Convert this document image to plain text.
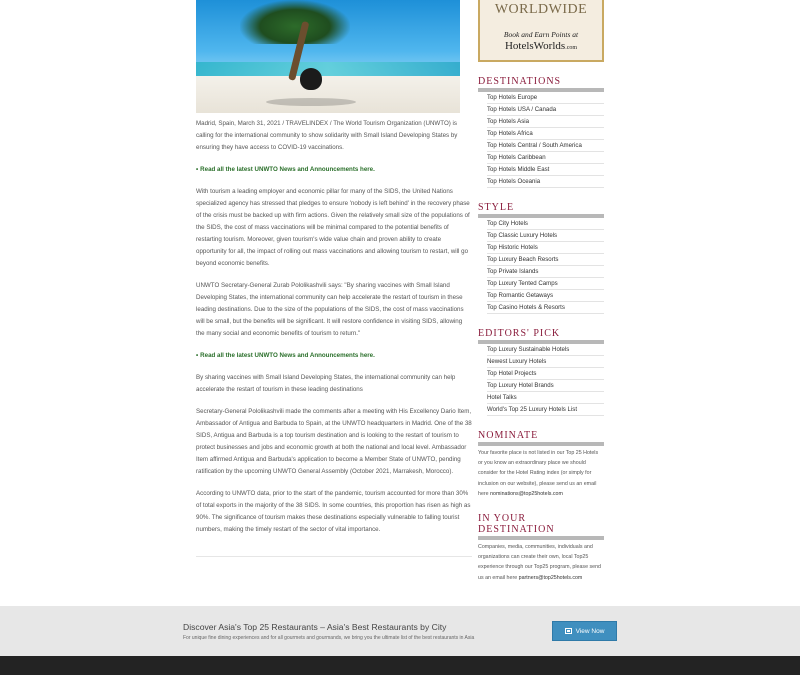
Madrid, Spain, March 31, 2021 / TRAVELINDEX / The World Tourism Organization (UNWTO) is calling for the international community to show solidarity with Small Island Developing States by ensuring they have access to COVID-19 vaccinations.

• Read all the latest UNWTO News and Announcements here.

With tourism a leading employer and economic pillar for many of the SIDS, the United Nations specialized agency has stressed that pledges to ensure 'nobody is left behind' in the recovery phase of the crisis must be backed up with firm actions. Given the relatively small size of the populations of the SIDS, the cost of mass vaccinations will be minimal compared to the potential benefits of restarting tourism. Moreover, given tourism's wide value chain and proven ability to create opportunity for all, the impact of rolling out mass vaccinations and allowing tourism to restart, will go beyond economic benefits.

UNWTO Secretary-General Zurab Pololikashvili says: "By sharing vaccines with Small Island Developing States, the international community can help accelerate the restart of tourism in these leading destinations. Due to the size of the populations of the SIDS, the cost of mass vaccinations will be small, but the benefits will be significant. It will restore confidence in visiting SIDS, allowing the many social and economic benefits of tourism to return."

• Read all the latest UNWTO News and Announcements here.

By sharing vaccines with Small Island Developing States, the international community can help accelerate the restart of tourism in these leading destinations

Secretary-General Pololikashvili made the comments after a meeting with His Excellency Dario Item, Ambassador of Antigua and Barbuda to Spain, at the UNWTO headquarters in Madrid. One of the 38 SIDS, Antigua and Barbuda is a top tourism destination and is looking to the restart of tourism to protect businesses and jobs and economic growth at both the national and local level. Ambassador Item affirmed Antigua and Barbuda's application to become a Member State of UNWTO, pending ratification by the upcoming UNWTO General Assembly (October 2021, Marrakesh, Morocco).

According to UNWTO data, prior to the start of the pandemic, tourism accounted for more than 30% of total exports in the majority of the 38 SIDS. In some countries, this proportion has risen as high as 90%. The significance of tourism makes these destinations especially vulnerable to falling tourist numbers, making the timely restart of the sector of vital importance.

WORLDWIDE
Book and Earn Points at
HotelsWorlds.com
DESTINATIONS
Top Hotels Europe
Top Hotels USA / Canada
Top Hotels Asia
Top Hotels Africa
Top Hotels Central / South America
Top Hotels Caribbean
Top Hotels Middle East
Top Hotels Oceania
STYLE
Top City Hotels
Top Classic Luxury Hotels
Top Historic Hotels
Top Luxury Beach Resorts
Top Private Islands
Top Luxury Tented Camps
Top Romantic Getaways
Top Casino Hotels & Resorts
EDITORS' PICK
Top Luxury Sustainable Hotels
Newest Luxury Hotels
Top Hotel Projects
Top Luxury Hotel Brands
Hotel Talks
World's Top 25 Luxury Hotels List
NOMINATE
Your favorite place is not listed in our Top 25 Hotels or you know an extraordinary place we should consider for the Hotel Rating index (or simply for inclusion on our website), please send us an email here nominations@top25hotels.com
IN YOUR DESTINATION
Companies, media, communities, individuals and organizations can create their own, local Top25 experience through our Top25 program, please send us an email here partners@top25hotels.com
Discover Asia's Top 25 Restaurants – Asia's Best Restaurants by City

For unique fine dining experiences and for all gourmets and gourmands, we bring you the ultimate list of the best restaurants in Asia

View Now
